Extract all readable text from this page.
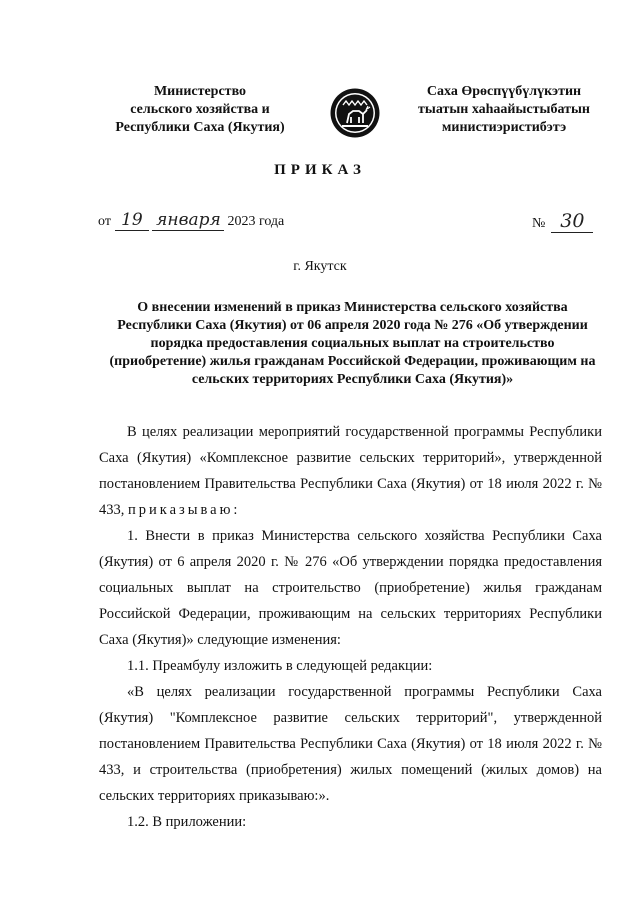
Министерство
сельского хозяйства и
Республики Саха (Якутия)
Саха Өрөспүүбүлүкэтин
тыатын хаһаайыстыбатын
министиэристибэтэ
ПРИКАЗ
от 19 января 2023 года	№ 30
г. Якутск
О внесении изменений в приказ Министерства сельского хозяйства Республики Саха (Якутия) от 06 апреля 2020 года № 276 «Об утверждении порядка предоставления социальных выплат на строительство (приобретение) жилья гражданам Российской Федерации, проживающим на сельских территориях Республики Саха (Якутия)»

В целях реализации мероприятий государственной программы Республики Саха (Якутия) «Комплексное развитие сельских территорий», утвержденной постановлением Правительства Республики Саха (Якутия) от 18 июля 2022 г. № 433, приказываю:

1. Внести в приказ Министерства сельского хозяйства Республики Саха (Якутия) от 6 апреля 2020 г. № 276 «Об утверждении порядка предоставления социальных выплат на строительство (приобретение) жилья гражданам Российской Федерации, проживающим на сельских территориях Республики Саха (Якутия)» следующие изменения:

1.1. Преамбулу изложить в следующей редакции:

«В целях реализации государственной программы Республики Саха (Якутия) "Комплексное развитие сельских территорий", утвержденной постановлением Правительства Республики Саха (Якутия) от 18 июля 2022 г. № 433, и строительства (приобретения) жилых помещений (жилых домов) на сельских территориях приказываю:».

1.2. В приложении:
